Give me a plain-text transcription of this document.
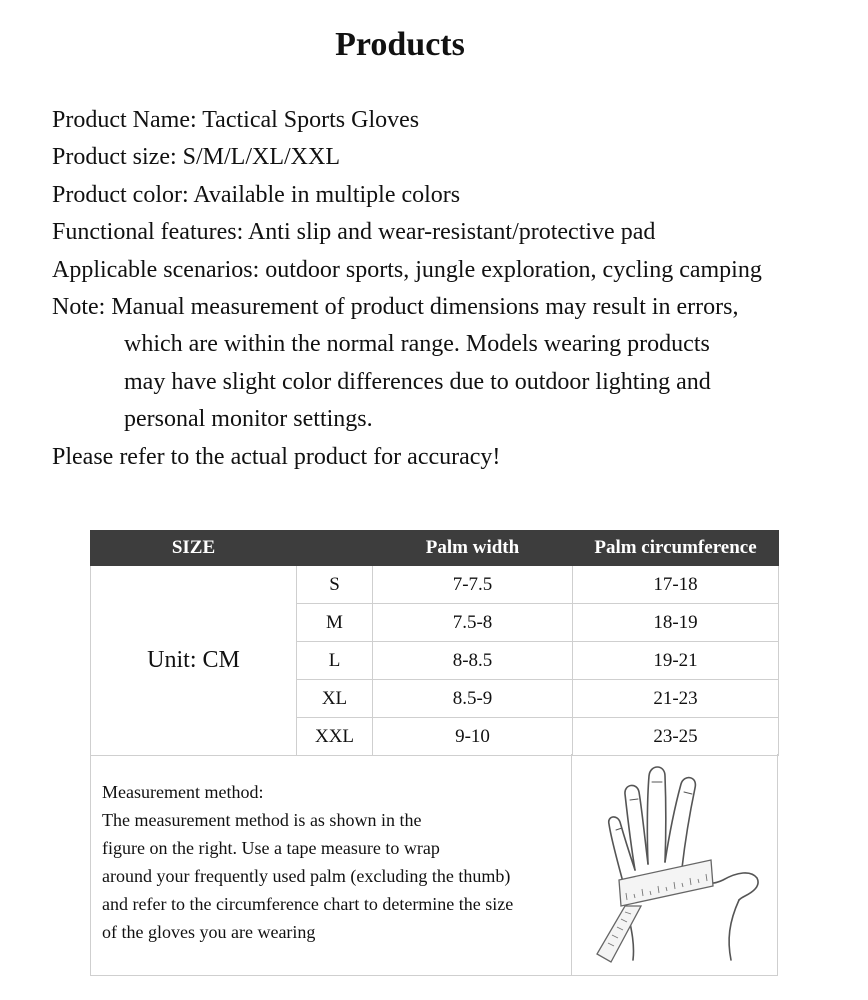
Products

Product Name: Tactical Sports Gloves

Product size: S/M/L/XL/XXL

Product color: Available in multiple colors

Functional features: Anti slip and wear-resistant/protective pad

Applicable scenarios: outdoor sports, jungle exploration, cycling camping

Note: Manual measurement of product dimensions may result in errors,

which are within the normal range. Models wearing products

may have slight color differences due to outdoor lighting and

personal monitor settings.

Please refer to the actual product for accuracy!

SIZE		Palm width	Palm circumference
Unit: CM	S	7-7.5	17-18
	M	7.5-8	18-19
	L	8-8.5	19-21
	XL	8.5-9	21-23
	XXL	9-10	23-25
Measurement method:
The measurement method is as shown in the
figure on the right. Use a tape measure to wrap
around your frequently used palm (excluding the thumb)
and refer to the circumference chart to determine the size
of the gloves you are wearing
